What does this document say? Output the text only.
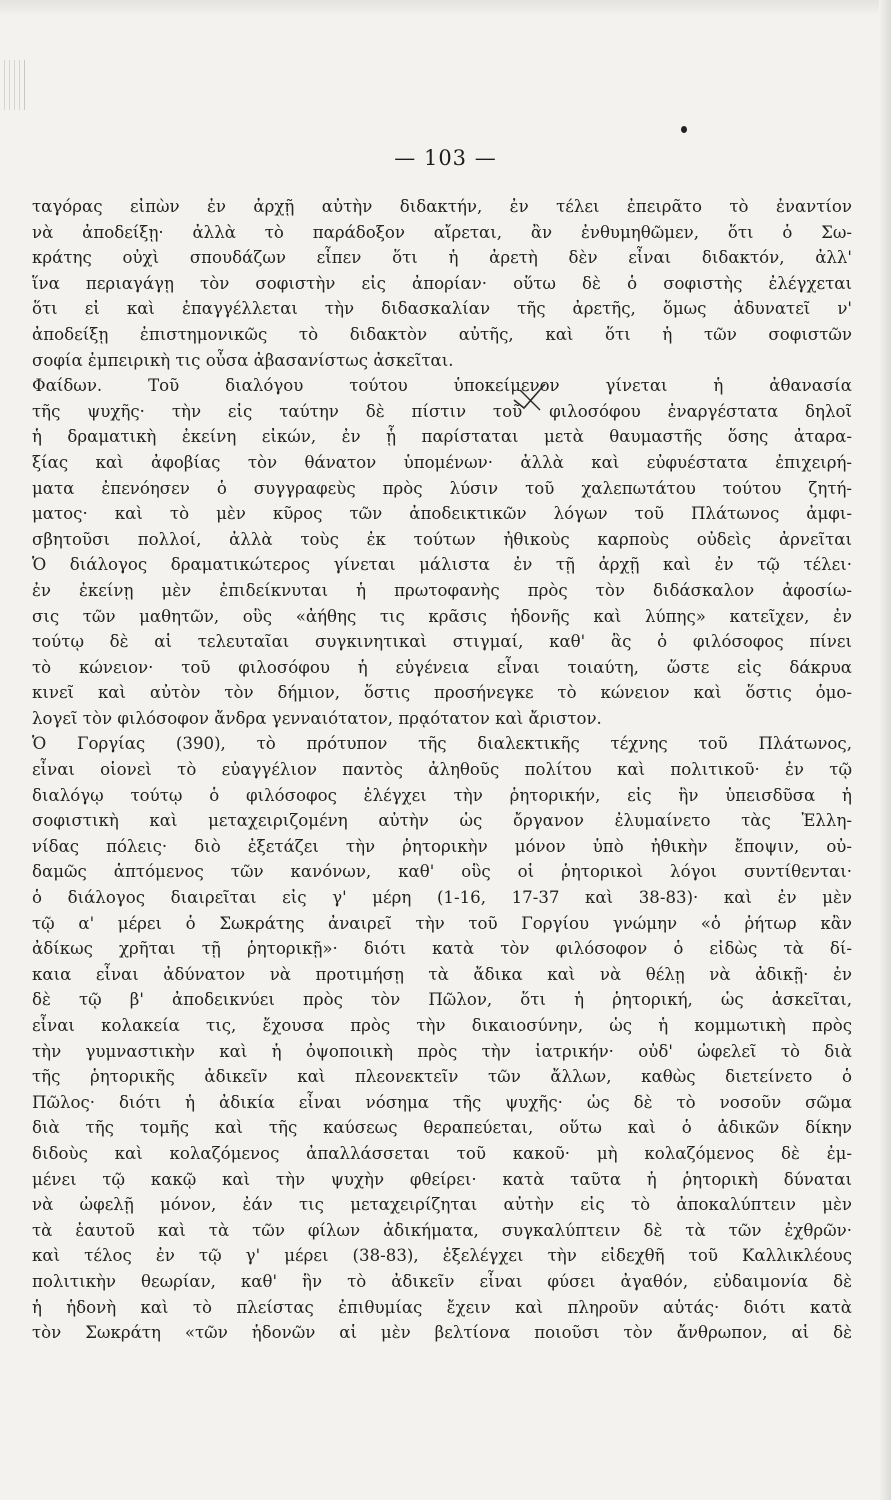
— 103 —
ταγόρας εἰπὼν ἐν ἀρχῇ αὐτὴν διδακτήν, ἐν τέλει ἐπειρᾶτο τὸ ἐναντίον
νὰ ἀποδείξῃ· ἀλλὰ τὸ παράδοξον αἴρεται, ἂν ἐνθυμηθῶμεν, ὅτι ὁ Σω-
κράτης οὐχὶ σπουδάζων εἶπεν ὅτι ἡ ἀρετὴ δὲν εἶναι διδακτόν, ἀλλ'
ἵνα περιαγάγῃ τὸν σοφιστὴν εἰς ἀπορίαν· οὕτω δὲ ὁ σοφιστὴς ἐλέγχεται
ὅτι εἰ καὶ ἐπαγγέλλεται τὴν διδασκαλίαν τῆς ἀρετῆς, ὅμως ἀδυνατεῖ ν'
ἀποδείξῃ ἐπιστημονικῶς τὸ διδακτὸν αὐτῆς, καὶ ὅτι ἡ τῶν σοφιστῶν
σοφία ἐμπειρικὴ τις οὖσα ἀβασανίστως ἀσκεῖται.
Φαίδων. Τοῦ διαλόγου τούτου ὑποκείμενον γίνεται ἡ ἀθανασία
τῆς ψυχῆς· τὴν εἰς ταύτην δὲ πίστιν τοῦ φιλοσόφου ἐναργέστατα δηλοῖ
ἡ δραματικὴ ἐκείνη εἰκών, ἐν ᾗ παρίσταται μετὰ θαυμαστῆς ὅσης ἀταρα-
ξίας καὶ ἀφοβίας τὸν θάνατον ὑπομένων· ἀλλὰ καὶ εὐφυέστατα ἐπιχειρή-
ματα ἐπενόησεν ὁ συγγραφεὺς πρὸς λύσιν τοῦ χαλεπωτάτου τούτου ζητή-
ματος· καὶ τὸ μὲν κῦρος τῶν ἀποδεικτικῶν λόγων τοῦ Πλάτωνος ἀμφι-
σβητοῦσι πολλοί, ἀλλὰ τοὺς ἐκ τούτων ἠθικοὺς καρποὺς οὐδεὶς ἀρνεῖται
Ὁ διάλογος δραματικώτερος γίνεται μάλιστα ἐν τῇ ἀρχῇ καὶ ἐν τῷ τέλει·
ἐν ἐκείνῃ μὲν ἐπιδείκνυται ἡ πρωτοφανὴς πρὸς τὸν διδάσκαλον ἀφοσίω-
σις τῶν μαθητῶν, οὓς «ἀήθης τις κρᾶσις ἡδονῆς καὶ λύπης» κατεῖχεν, ἐν
τούτῳ δὲ αἱ τελευταῖαι συγκινητικαὶ στιγμαί, καθ' ἃς ὁ φιλόσοφος πίνει
τὸ κώνειον· τοῦ φιλοσόφου ἡ εὐγένεια εἶναι τοιαύτη, ὥστε εἰς δάκρυα
κινεῖ καὶ αὐτὸν τὸν δήμιον, ὅστις προσήνεγκε τὸ κώνειον καὶ ὅστις ὁμο-
λογεῖ τὸν φιλόσοφον ἄνδρα γενναιότατον, πρᾳότατον καὶ ἄριστον.
Ὁ Γοργίας (390), τὸ πρότυπον τῆς διαλεκτικῆς τέχνης τοῦ Πλάτωνος,
εἶναι οἱονεὶ τὸ εὐαγγέλιον παντὸς ἀληθοῦς πολίτου καὶ πολιτικοῦ· ἐν τῷ
διαλόγῳ τούτῳ ὁ φιλόσοφος ἐλέγχει τὴν ῥητορικήν, εἰς ἣν ὑπεισδῦσα ἡ
σοφιστικὴ καὶ μεταχειριζομένη αὐτὴν ὡς ὄργανον ἐλυμαίνετο τὰς Ἑλλη-
νίδας πόλεις· διὸ ἐξετάζει τὴν ῥητορικὴν μόνον ὑπὸ ἠθικὴν ἔποψιν, οὐ-
δαμῶς ἁπτόμενος τῶν κανόνων, καθ' οὓς οἱ ῥητορικοὶ λόγοι συντίθενται·
ὁ διάλογος διαιρεῖται εἰς γ' μέρη (1-16, 17-37 καὶ 38-83)· καὶ ἐν μὲν
τῷ α' μέρει ὁ Σωκράτης ἀναιρεῖ τὴν τοῦ Γοργίου γνώμην «ὁ ῥήτωρ κἂν
ἀδίκως χρῆται τῇ ῥητορικῇ»· διότι κατὰ τὸν φιλόσοφον ὁ εἰδὼς τὰ δί-
καια εἶναι ἀδύνατον νὰ προτιμήσῃ τὰ ἄδικα καὶ νὰ θέλῃ νὰ ἀδικῇ· ἐν
δὲ τῷ β' ἀποδεικνύει πρὸς τὸν Πῶλον, ὅτι ἡ ῥητορική, ὡς ἀσκεῖται,
εἶναι κολακεία τις, ἔχουσα πρὸς τὴν δικαιοσύνην, ὡς ἡ κομμωτικὴ πρὸς
τὴν γυμναστικὴν καὶ ἡ ὀψοποιικὴ πρὸς τὴν ἰατρικήν· οὐδ' ὠφελεῖ τὸ διὰ
τῆς ῥητορικῆς ἀδικεῖν καὶ πλεονεκτεῖν τῶν ἄλλων, καθὼς διετείνετο ὁ
Πῶλος· διότι ἡ ἀδικία εἶναι νόσημα τῆς ψυχῆς· ὡς δὲ τὸ νοσοῦν σῶμα
διὰ τῆς τομῆς καὶ τῆς καύσεως θεραπεύεται, οὕτω καὶ ὁ ἀδικῶν δίκην
διδοὺς καὶ κολαζόμενος ἀπαλλάσσεται τοῦ κακοῦ· μὴ κολαζόμενος δὲ ἐμ-
μένει τῷ κακῷ καὶ τὴν ψυχὴν φθείρει· κατὰ ταῦτα ἡ ῥητορικὴ δύναται
νὰ ὠφελῇ μόνον, ἐάν τις μεταχειρίζηται αὐτὴν εἰς τὸ ἀποκαλύπτειν μὲν
τὰ ἑαυτοῦ καὶ τὰ τῶν φίλων ἀδικήματα, συγκαλύπτειν δὲ τὰ τῶν ἐχθρῶν·
καὶ τέλος ἐν τῷ γ' μέρει (38-83), ἐξελέγχει τὴν εἰδεχθῆ τοῦ Καλλικλέους
πολιτικὴν θεωρίαν, καθ' ἣν τὸ ἀδικεῖν εἶναι φύσει ἀγαθόν, εὐδαιμονία δὲ
ἡ ἡδονὴ καὶ τὸ πλείστας ἐπιθυμίας ἔχειν καὶ πληροῦν αὐτάς· διότι κατὰ
τὸν Σωκράτη «τῶν ἡδονῶν αἱ μὲν βελτίονα ποιοῦσι τὸν ἄνθρωπον, αἱ δὲ
